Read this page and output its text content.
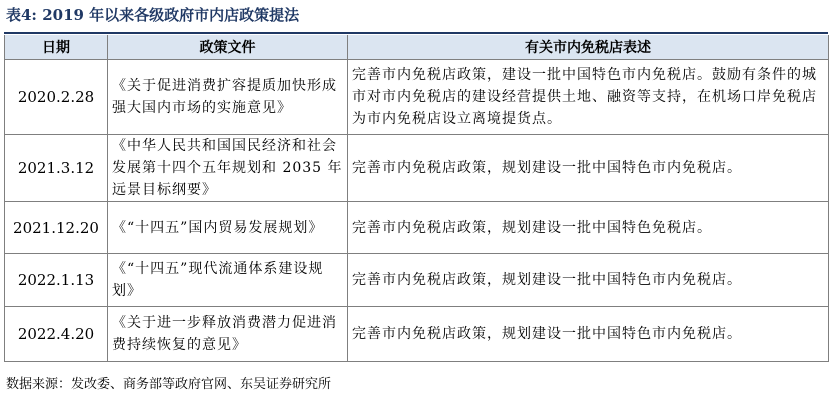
表4: 2019 年以来各级政府市内店政策提法
日期	政策文件	有关市内免税店表述
2020.2.28	《关于促进消费扩容提质加快形成强大国内市场的实施意见》	完善市内免税店政策，建设一批中国特色市内免税店。鼓励有条件的城市对市内免税店的建设经营提供土地、融资等支持，在机场口岸免税店为市内免税店设立离境提货点。
2021.3.12	《中华人民共和国国民经济和社会发展第十四个五年规划和 2035 年远景目标纲要》	完善市内免税店政策，规划建设一批中国特色市内免税店。
2021.12.20	《“十四五”国内贸易发展规划》	完善市内免税店政策，规划建设一批中国特色免税店。
2022.1.13	《“十四五”现代流通体系建设规划》	完善市内免税店政策，规划建设一批中国特色市内免税店。
2022.4.20	《关于进一步释放消费潜力促进消费持续恢复的意见》	完善市内免税店政策，规划建设一批中国特色市内免税店。
数据来源：发改委、商务部等政府官网、东吴证券研究所
